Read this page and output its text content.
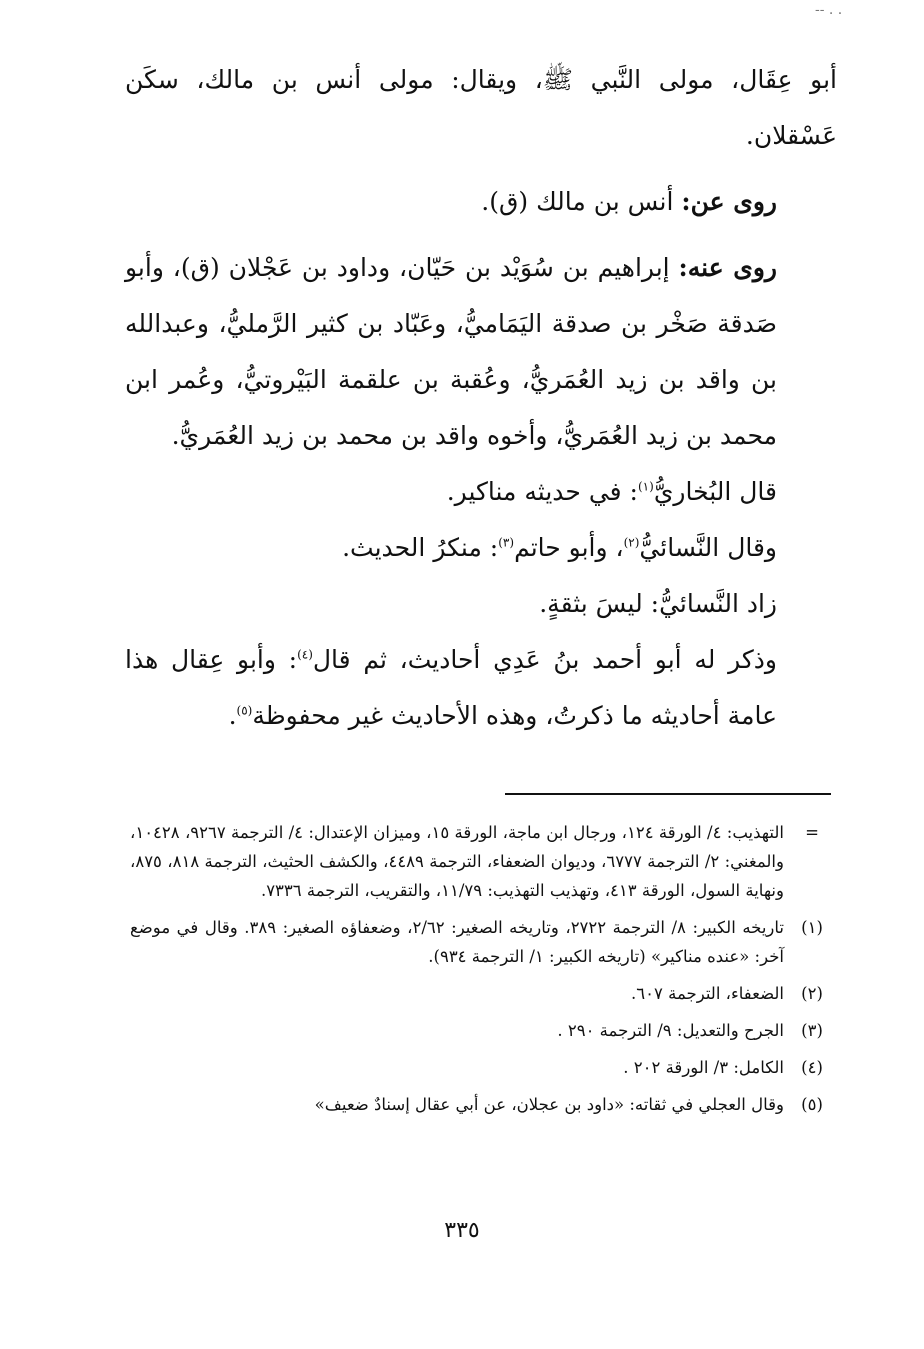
-- . .

أبو عِقَال، مولى النَّبي ﷺ، ويقال: مولى أنس بن مالك، سكَن عَسْقلان.

روى عن: أنس بن مالك (ق).

روى عنه: إبراهيم بن سُوَيْد بن حَيّان، وداود بن عَجْلان (ق)، وأبو صَدقة صَخْر بن صدقة اليَمَاميُّ، وعَبّاد بن كثير الرَّمليُّ، وعبدالله بن واقد بن زيد العُمَريُّ، وعُقبة بن علقمة البَيْروتيُّ، وعُمر ابن محمد بن زيد العُمَريُّ، وأخوه واقد بن محمد بن زيد العُمَريُّ.

قال البُخاريُّ$^{(١)}$: في حديثه مناكير.

وقال النَّسائيُّ$^{(٢)}$، وأبو حاتم$^{(٣)}$: منكرُ الحديث.

زاد النَّسائيُّ: ليسَ بثقةٍ.

وذكر له أبو أحمد بنُ عَدِي أحاديث، ثم قال$^{(٤)}$: وأبو عِقال هذا عامة أحاديثه ما ذكرتُ، وهذه الأحاديث غير محفوظة$^{(٥)}$.

=
التهذيب: ٤/ الورقة ١٢٤، ورجال ابن ماجة، الورقة ١٥، وميزان الإعتدال: ٤/ الترجمة ٩٢٦٧، ١٠٤٢٨، والمغني: ٢/ الترجمة ٦٧٧٧، وديوان الضعفاء، الترجمة ٤٤٨٩، والكشف الحثيث، الترجمة ٨١٨، ٨٧٥، ونهاية السول، الورقة ٤١٣، وتهذيب التهذيب: ١١/٧٩، والتقريب، الترجمة ٧٣٣٦.
(١)
تاريخه الكبير: ٨/ الترجمة ٢٧٢٢، وتاريخه الصغير: ٢/٦٢، وضعفاؤه الصغير: ٣٨٩. وقال في موضع آخر: «عنده مناكير» (تاريخه الكبير: ١/ الترجمة ٩٣٤).
(٢)
الضعفاء، الترجمة ٦٠٧.
(٣)
الجرح والتعديل: ٩/ الترجمة ٢٩٠ .
(٤)
الكامل: ٣/ الورقة ٢٠٢ .
(٥)
وقال العجلي في ثقاته: «داود بن عجلان، عن أبي عقال إسنادٌ ضعيف»
٣٣٥
